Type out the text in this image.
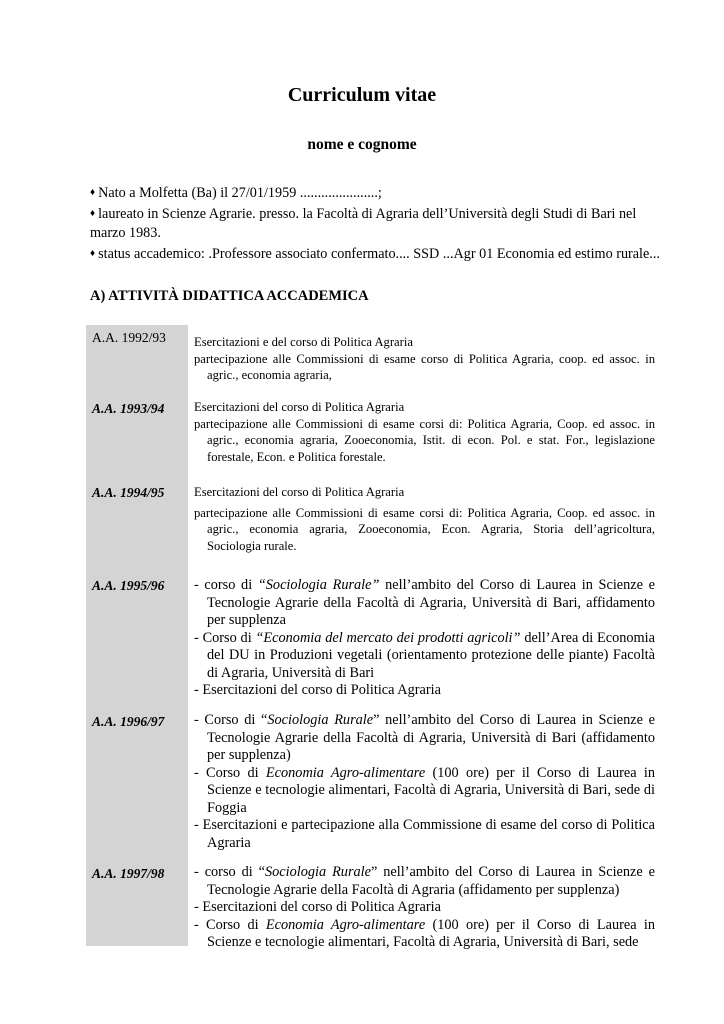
Curriculum vitae
nome e cognome

♦ Nato a Molfetta (Ba) il 27/01/1959 ......................;

♦ laureato in Scienze Agrarie. presso. la Facoltà di Agraria dell’Università degli Studi di Bari nel marzo 1983.

♦ status accademico: .Professore associato confermato.... SSD ...Agr 01 Economia ed estimo rurale...

A) ATTIVITÀ DIDATTICA ACCADEMICA
A.A. 1992/93 Esercitazioni e del corso di Politica Agraria
partecipazione alle Commissioni di esame corso di Politica Agraria, coop. ed assoc. in agric., economia agraria,
A.A. 1993/94 Esercitazioni del corso di Politica Agraria
partecipazione alle Commissioni di esame corsi di: Politica Agraria, Coop. ed assoc. in agric., economia agraria, Zooeconomia, Istit. di econ. Pol. e stat. For., legislazione forestale, Econ. e Politica forestale.
A.A. 1994/95 Esercitazioni del corso di Politica Agraria
partecipazione alle Commissioni di esame corsi di: Politica Agraria, Coop. ed assoc. in agric., economia agraria, Zooeconomia, Econ. Agraria, Storia dell’agricoltura, Sociologia rurale.
A.A. 1995/96 - corso di “Sociologia Rurale” nell’ambito del Corso di Laurea in Scienze e Tecnologie Agrarie della Facoltà di Agraria, Università di Bari, affidamento per supplenza
- Corso di “Economia del mercato dei prodotti agricoli” dell’Area di Economia del DU in Produzioni vegetali (orientamento protezione delle piante) Facoltà di Agraria, Università di Bari
- Esercitazioni del corso di Politica Agraria
A.A. 1996/97 - Corso di “Sociologia Rurale” nell’ambito del Corso di Laurea in Scienze e Tecnologie Agrarie della Facoltà di Agraria, Università di Bari (affidamento per supplenza)
- Corso di Economia Agro-alimentare (100 ore) per il Corso di Laurea in Scienze e tecnologie alimentari, Facoltà di Agraria, Università di Bari, sede di Foggia
- Esercitazioni e partecipazione alla Commissione di esame del corso di Politica Agraria
A.A. 1997/98 - corso di “Sociologia Rurale” nell’ambito del Corso di Laurea in Scienze e Tecnologie Agrarie della Facoltà di Agraria (affidamento per supplenza)
- Esercitazioni del corso di Politica Agraria
- Corso di Economia Agro-alimentare (100 ore) per il Corso di Laurea in Scienze e tecnologie alimentari, Facoltà di Agraria, Università di Bari, sede
